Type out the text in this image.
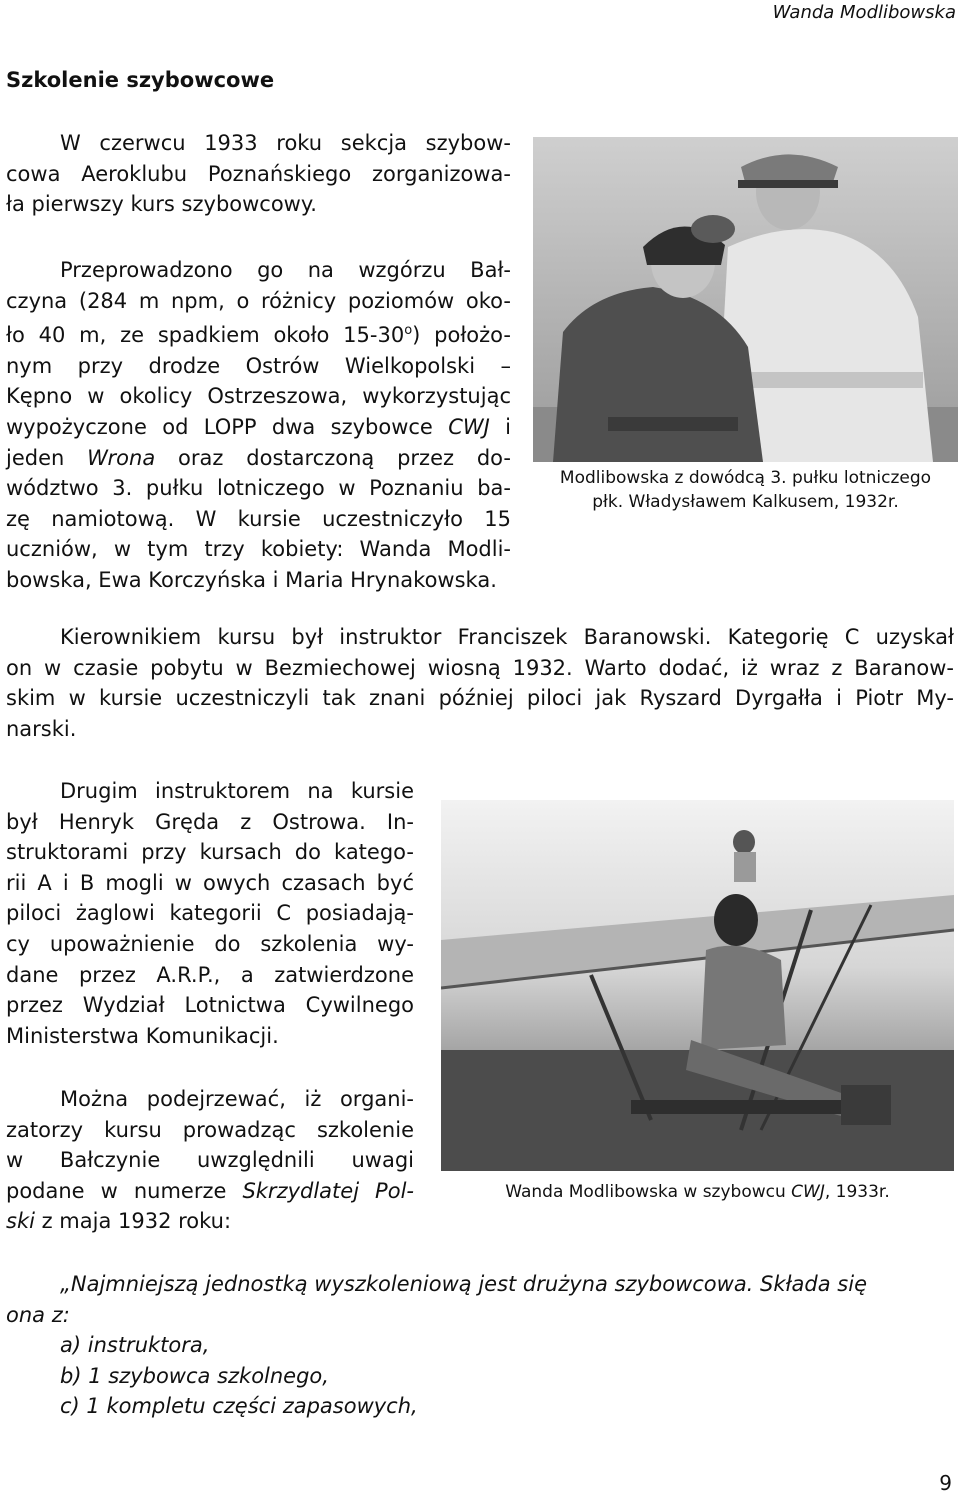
Wanda Modlibowska
Szkolenie szybowcowe
W czerwcu 1933 roku sekcja szybow-
cowa Aeroklubu Poznańskiego zorganizowa-
ła pierwszy kurs szybowcowy.
Przeprowadzono go na wzgórzu Bał-
czyna (284 m npm, o różnicy poziomów oko-
ło 40 m, ze spadkiem około 15-30$^o$) położo-
nym przy drodze Ostrów Wielkopolski –
Kępno w okolicy Ostrzeszowa, wykorzystując
wypożyczone od LOPP dwa szybowce CWJ i
jeden Wrona oraz dostarczoną przez do-
wództwo 3. pułku lotniczego w Poznaniu ba-
zę namiotową. W kursie uczestniczyło 15
uczniów, w tym trzy kobiety: Wanda Modli-
bowska, Ewa Korczyńska i Maria Hrynakowska.
Modlibowska z dowódcą 3. pułku lotniczego
płk. Władysławem Kalkusem, 1932r.
Kierownikiem kursu był instruktor Franciszek Baranowski. Kategorię C uzyskał
on w czasie pobytu w Bezmiechowej wiosną 1932. Warto dodać, iż wraz z Baranow-
skim w kursie uczestniczyli tak znani później piloci jak Ryszard Dyrgałła i Piotr My-
narski.
Drugim instruktorem na kursie
był Henryk Gręda z Ostrowa. In-
struktorami przy kursach do katego-
rii A i B mogli w owych czasach być
piloci żaglowi kategorii C posiadają-
cy upoważnienie do szkolenia wy-
dane przez A.R.P., a zatwierdzone
przez Wydział Lotnictwa Cywilnego
Ministerstwa Komunikacji.
Można podejrzewać, iż organi-
zatorzy kursu prowadząc szkolenie
w Bałczynie uwzględnili uwagi
podane w numerze Skrzydlatej Pol-
ski z maja 1932 roku:
Wanda Modlibowska w szybowcu CWJ, 1933r.
„Najmniejszą jednostką wyszkoleniową jest drużyna szybowcowa. Składa się
ona z:
a) instruktora,
b) 1 szybowca szkolnego,
c) 1 kompletu części zapasowych,
9
